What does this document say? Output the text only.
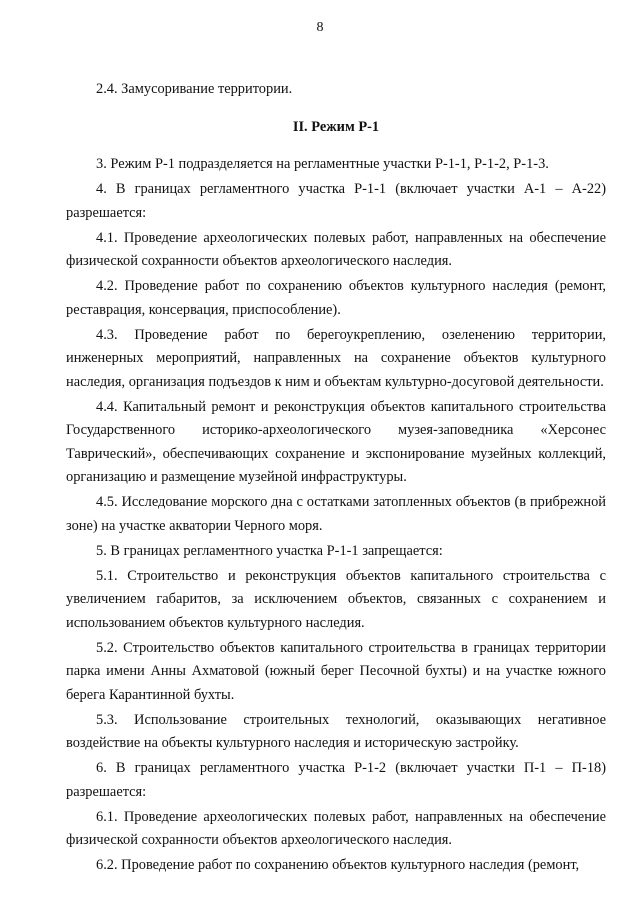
8

2.4. Замусоривание территории.

II. Режим Р-1

3. Режим Р-1 подразделяется на регламентные участки Р-1-1, Р-1-2, Р-1-3.

4. В границах регламентного участка Р-1-1 (включает участки А-1 – А-22) разрешается:

4.1. Проведение археологических полевых работ, направленных на обеспечение физической сохранности объектов археологического наследия.

4.2. Проведение работ по сохранению объектов культурного наследия (ремонт, реставрация, консервация, приспособление).

4.3. Проведение работ по берегоукреплению, озеленению территории, инженерных мероприятий, направленных на сохранение объектов культурного наследия, организация подъездов к ним и объектам культурно-досуговой деятельности.

4.4. Капитальный ремонт и реконструкция объектов капитального строительства Государственного историко-археологического музея-заповедника «Херсонес Таврический», обеспечивающих сохранение и экспонирование музейных коллекций, организацию и размещение музейной инфраструктуры.

4.5. Исследование морского дна с остатками затопленных объектов (в прибрежной зоне) на участке акватории Черного моря.

5. В границах регламентного участка Р-1-1 запрещается:

5.1. Строительство и реконструкция объектов капитального строительства с увеличением габаритов, за исключением объектов, связанных с сохранением и использованием объектов культурного наследия.

5.2. Строительство объектов капитального строительства в границах территории парка имени Анны Ахматовой (южный берег Песочной бухты) и на участке южного берега Карантинной бухты.

5.3. Использование строительных технологий, оказывающих негативное воздействие на объекты культурного наследия и историческую застройку.

6. В границах регламентного участка Р-1-2 (включает участки П-1 – П-18) разрешается:

6.1. Проведение археологических полевых работ, направленных на обеспечение физической сохранности объектов археологического наследия.

6.2. Проведение работ по сохранению объектов культурного наследия (ремонт,
